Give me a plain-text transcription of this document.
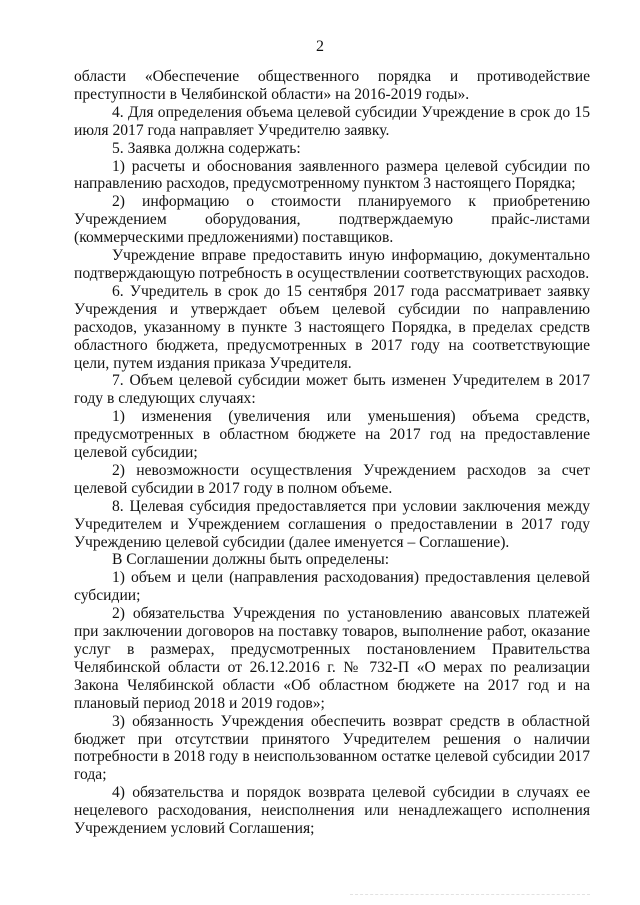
2

области «Обеспечение общественного порядка и противодействие преступности в Челябинской области» на 2016-2019 годы».

4. Для определения объема целевой субсидии Учреждение в срок до 15 июля 2017 года направляет Учредителю заявку.

5. Заявка должна содержать:

1) расчеты и обоснования заявленного размера целевой субсидии по направлению расходов, предусмотренному пунктом 3 настоящего Порядка;

2) информацию о стоимости планируемого к приобретению Учреждением оборудования, подтверждаемую прайс-листами (коммерческими предложениями) поставщиков.

Учреждение вправе предоставить иную информацию, документально подтверждающую потребность в осуществлении соответствующих расходов.

6. Учредитель в срок до 15 сентября 2017 года рассматривает заявку Учреждения и утверждает объем целевой субсидии по направлению расходов, указанному в пункте 3 настоящего Порядка, в пределах средств областного бюджета, предусмотренных в 2017 году на соответствующие цели, путем издания приказа Учредителя.

7. Объем целевой субсидии может быть изменен Учредителем в 2017 году в следующих случаях:

1) изменения (увеличения или уменьшения) объема средств, предусмотренных в областном бюджете на 2017 год на предоставление целевой субсидии;

2) невозможности осуществления Учреждением расходов за счет целевой субсидии в 2017 году в полном объеме.

8. Целевая субсидия предоставляется при условии заключения между Учредителем и Учреждением соглашения о предоставлении в 2017 году Учреждению целевой субсидии (далее именуется – Соглашение).

В Соглашении должны быть определены:

1) объем и цели (направления расходования) предоставления целевой субсидии;

2) обязательства Учреждения по установлению авансовых платежей при заключении договоров на поставку товаров, выполнение работ, оказание услуг в размерах, предусмотренных постановлением Правительства Челябинской области от 26.12.2016 г. № 732-П «О мерах по реализации Закона Челябинской области «Об областном бюджете на 2017 год и на плановый период 2018 и 2019 годов»;

3) обязанность Учреждения обеспечить возврат средств в областной бюджет при отсутствии принятого Учредителем решения о наличии потребности в 2018 году в неиспользованном остатке целевой субсидии 2017 года;

4) обязательства и порядок возврата целевой субсидии в случаях ее нецелевого расходования, неисполнения или ненадлежащего исполнения Учреждением условий Соглашения;
